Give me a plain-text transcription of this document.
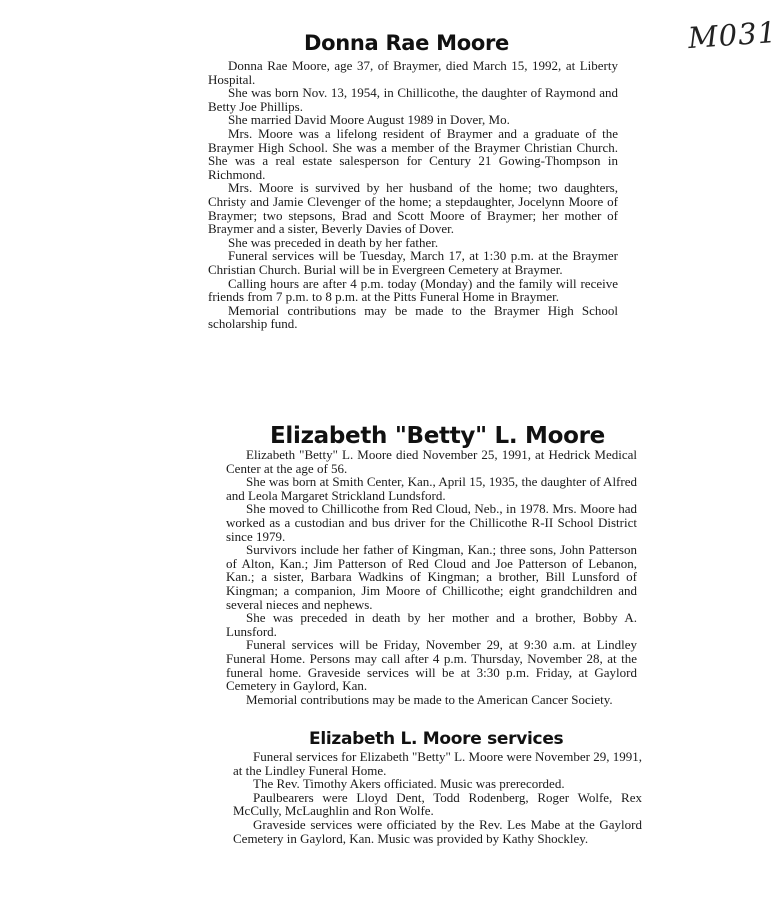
M031
Donna Rae Moore

Donna Rae Moore, age 37, of Braymer, died March 15, 1992, at Liberty Hospital.

She was born Nov. 13, 1954, in Chillicothe, the daughter of Raymond and Betty Joe Phillips.

She married David Moore August 1989 in Dover, Mo.

Mrs. Moore was a lifelong resident of Braymer and a graduate of the Braymer High School. She was a member of the Braymer Christian Church. She was a real estate salesperson for Century 21 Gowing-Thompson in Richmond.

Mrs. Moore is survived by her husband of the home; two daughters, Christy and Jamie Clevenger of the home; a stepdaughter, Jocelynn Moore of Braymer; two stepsons, Brad and Scott Moore of Braymer; her mother of Braymer and a sister, Beverly Davies of Dover.

She was preceded in death by her father.

Funeral services will be Tuesday, March 17, at 1:30 p.m. at the Braymer Christian Church. Burial will be in Evergreen Cemetery at Braymer.

Calling hours are after 4 p.m. today (Monday) and the family will receive friends from 7 p.m. to 8 p.m. at the Pitts Funeral Home in Braymer.

Memorial contributions may be made to the Braymer High School scholarship fund.

Elizabeth "Betty" L. Moore

Elizabeth "Betty" L. Moore died November 25, 1991, at Hedrick Medical Center at the age of 56.

She was born at Smith Center, Kan., April 15, 1935, the daughter of Alfred and Leola Margaret Strickland Lundsford.

She moved to Chillicothe from Red Cloud, Neb., in 1978. Mrs. Moore had worked as a custodian and bus driver for the Chillicothe R-II School District since 1979.

Survivors include her father of Kingman, Kan.; three sons, John Patterson of Alton, Kan.; Jim Patterson of Red Cloud and Joe Patterson of Lebanon, Kan.; a sister, Barbara Wadkins of Kingman; a brother, Bill Lunsford of Kingman; a companion, Jim Moore of Chillicothe; eight grandchildren and several nieces and nephews.

She was preceded in death by her mother and a brother, Bobby A. Lunsford.

Funeral services will be Friday, November 29, at 9:30 a.m. at Lindley Funeral Home. Persons may call after 4 p.m. Thursday, November 28, at the funeral home. Graveside services will be at 3:30 p.m. Friday, at Gaylord Cemetery in Gaylord, Kan.

Memorial contributions may be made to the American Cancer Society.

Elizabeth L. Moore services

Funeral services for Elizabeth "Betty" L. Moore were November 29, 1991, at the Lindley Funeral Home.

The Rev. Timothy Akers officiated. Music was prerecorded.

Paulbearers were Lloyd Dent, Todd Rodenberg, Roger Wolfe, Rex McCully, McLaughlin and Ron Wolfe.

Graveside services were officiated by the Rev. Les Mabe at the Gaylord Cemetery in Gaylord, Kan. Music was provided by Kathy Shockley.
